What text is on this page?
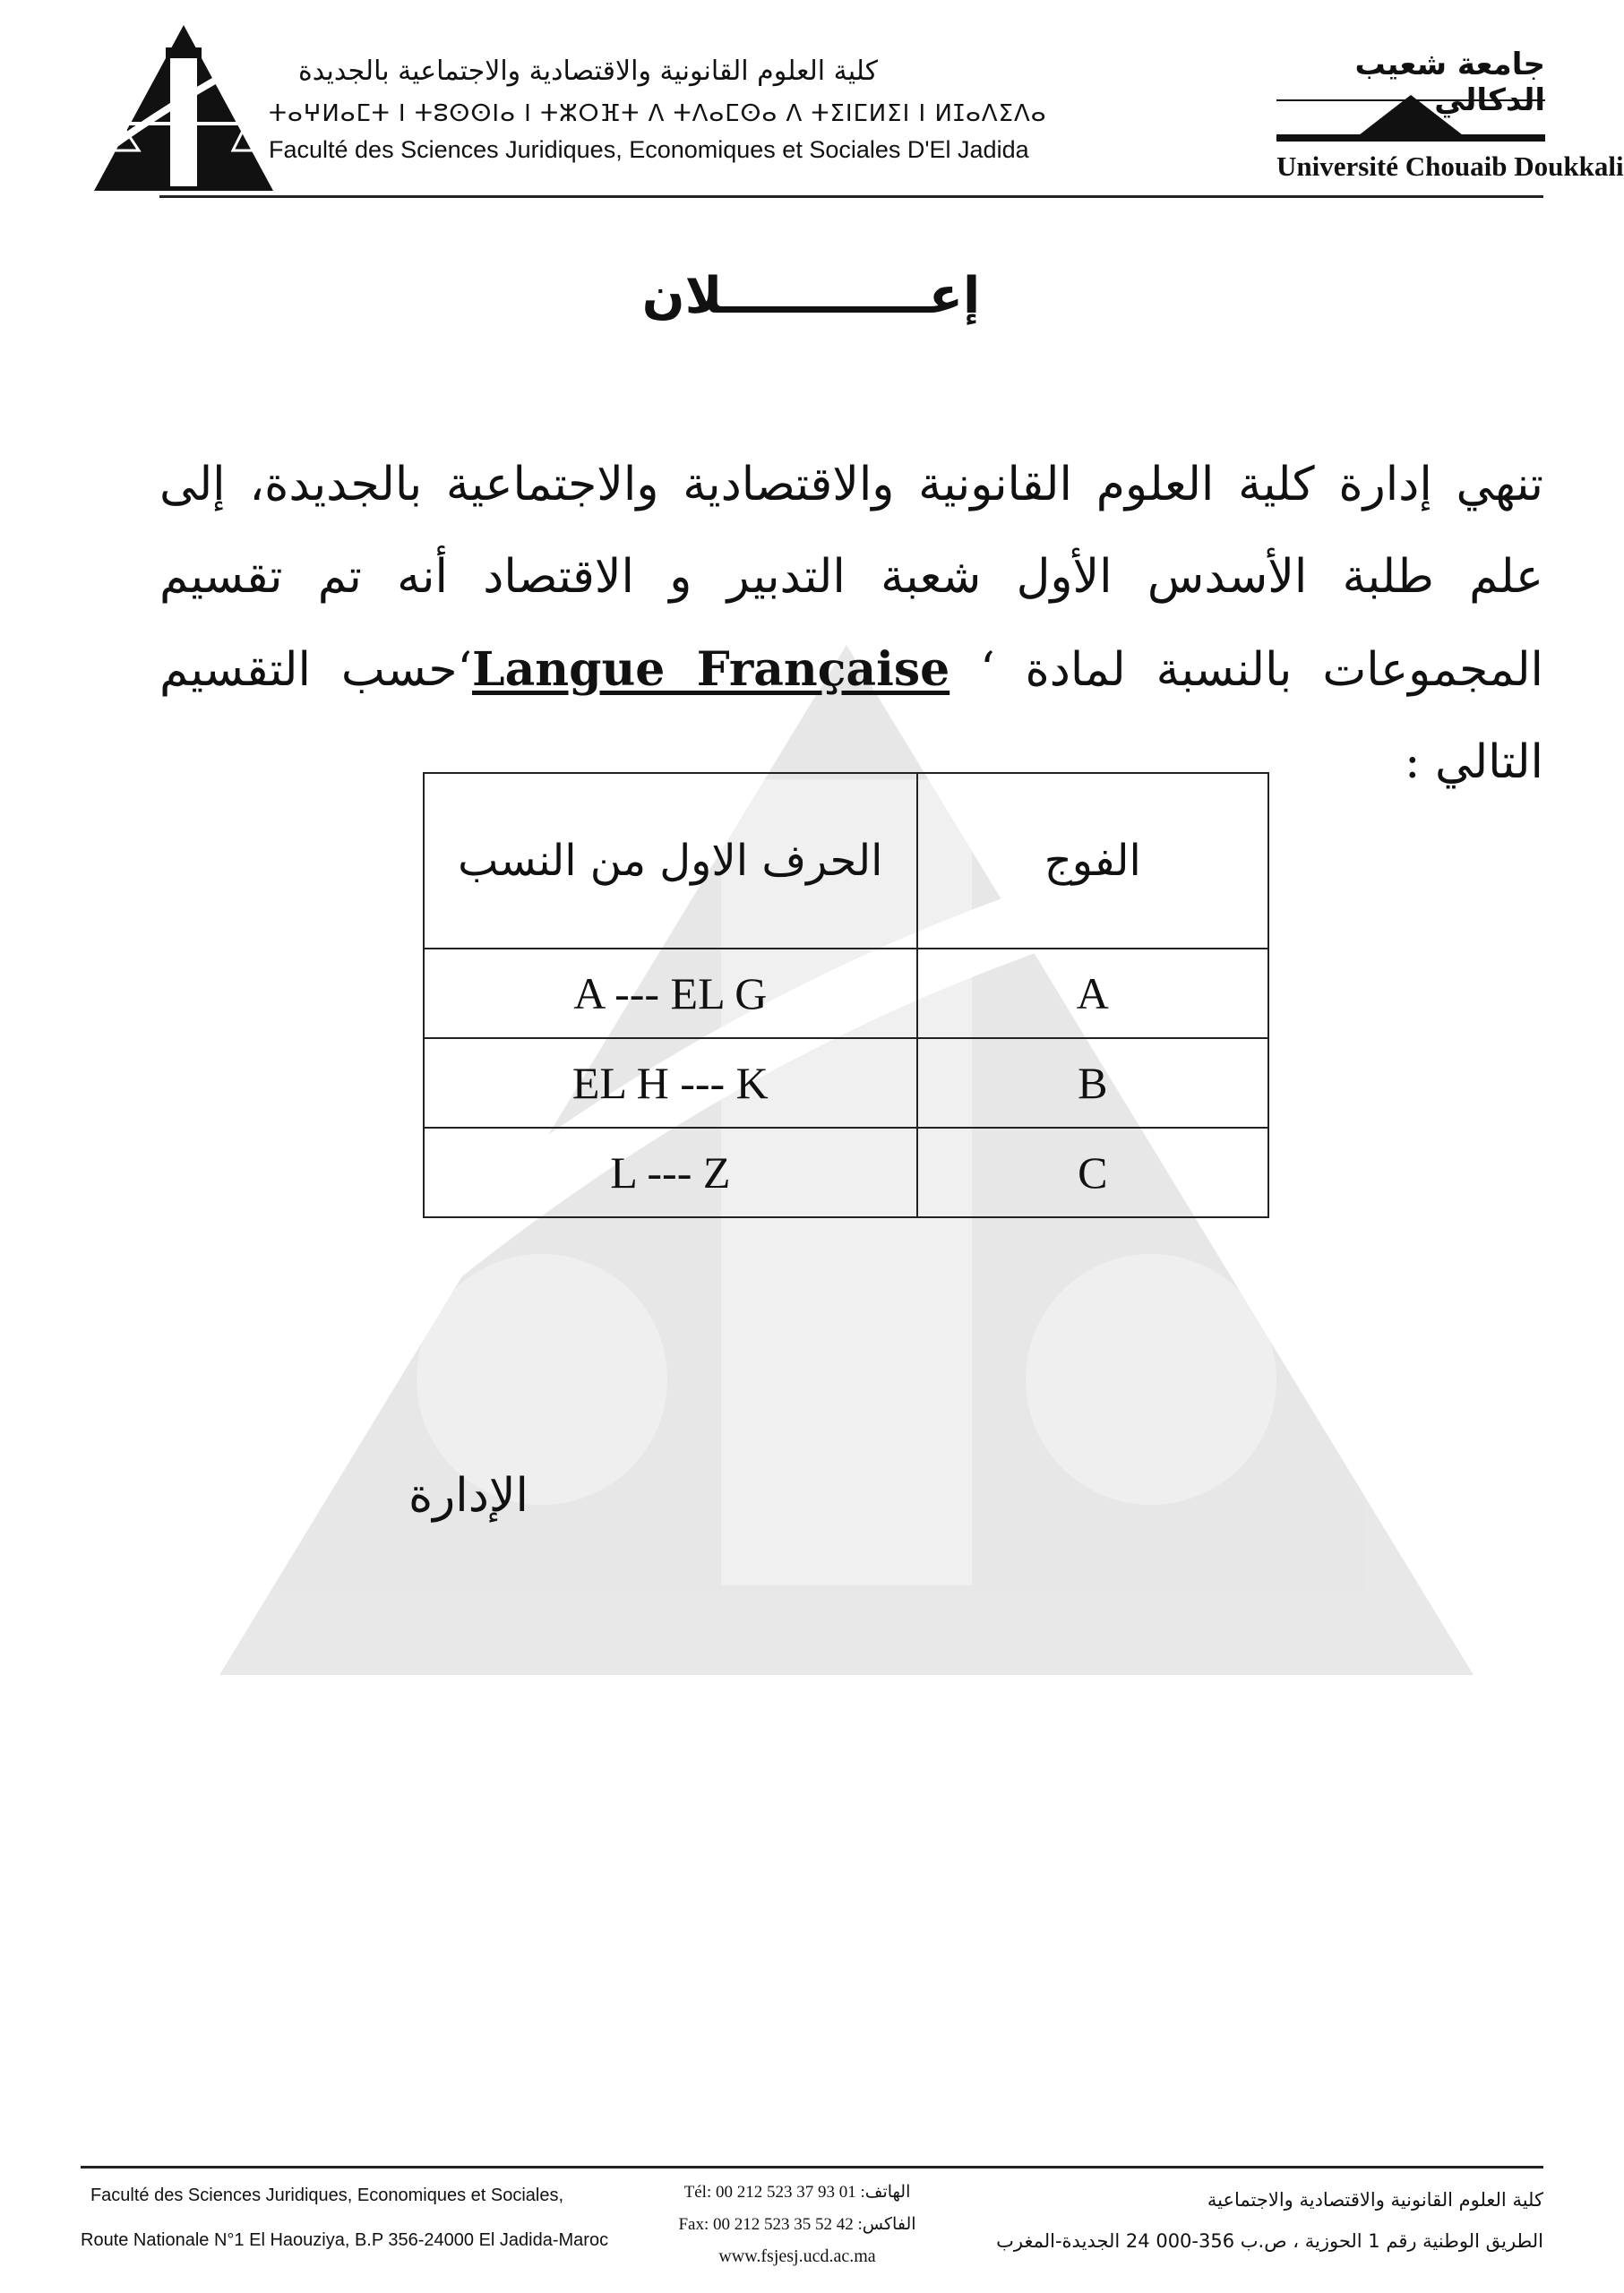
كلية العلوم القانونية والاقتصادية والاجتماعية بالجديدة
ⵜⴰⵖⵍⴰⵎⵜ ⵏ ⵜⵓⵙⵙⵏⴰ ⵏ ⵜⵣⵔⴼⵜ ⴷ ⵜⴷⴰⵎⵙⴰ ⴷ ⵜⵉⵏⵎⵍⵉⵏ ⵏ ⵍⵊⴰⴷⵉⴷⴰ
Faculté des Sciences Juridiques, Economiques et Sociales D'El Jadida
جامعة شعيب الدكالي
Université Chouaib Doukkali
إعــــــــــــلان
تنهي إدارة كلية العلوم القانونية والاقتصادية والاجتماعية بالجديدة، إلى علم طلبة الأسدس الأول شعبة التدبير و الاقتصاد أنه تم تقسيم المجموعات بالنسبة لمادة ‘ Langue Française‘حسب التقسيم التالي :
الفوج	الحرف الاول من النسب
A	A --- EL G
B	EL H --- K
C	L --- Z
الإدارة
Faculté des Sciences Juridiques, Economiques et Sociales,
Route Nationale N°1 El Haouziya, B.P 356-24000 El Jadida-Maroc
Tél: 00 212 523 37 93 01 :الهاتف
Fax: 00 212 523 35 52 42 :الفاكس
www.fsjesj.ucd.ac.ma
كلية العلوم القانونية والاقتصادية والاجتماعية
الطريق الوطنية رقم 1 الحوزية ، ص.ب 356-000 24 الجديدة-المغرب
